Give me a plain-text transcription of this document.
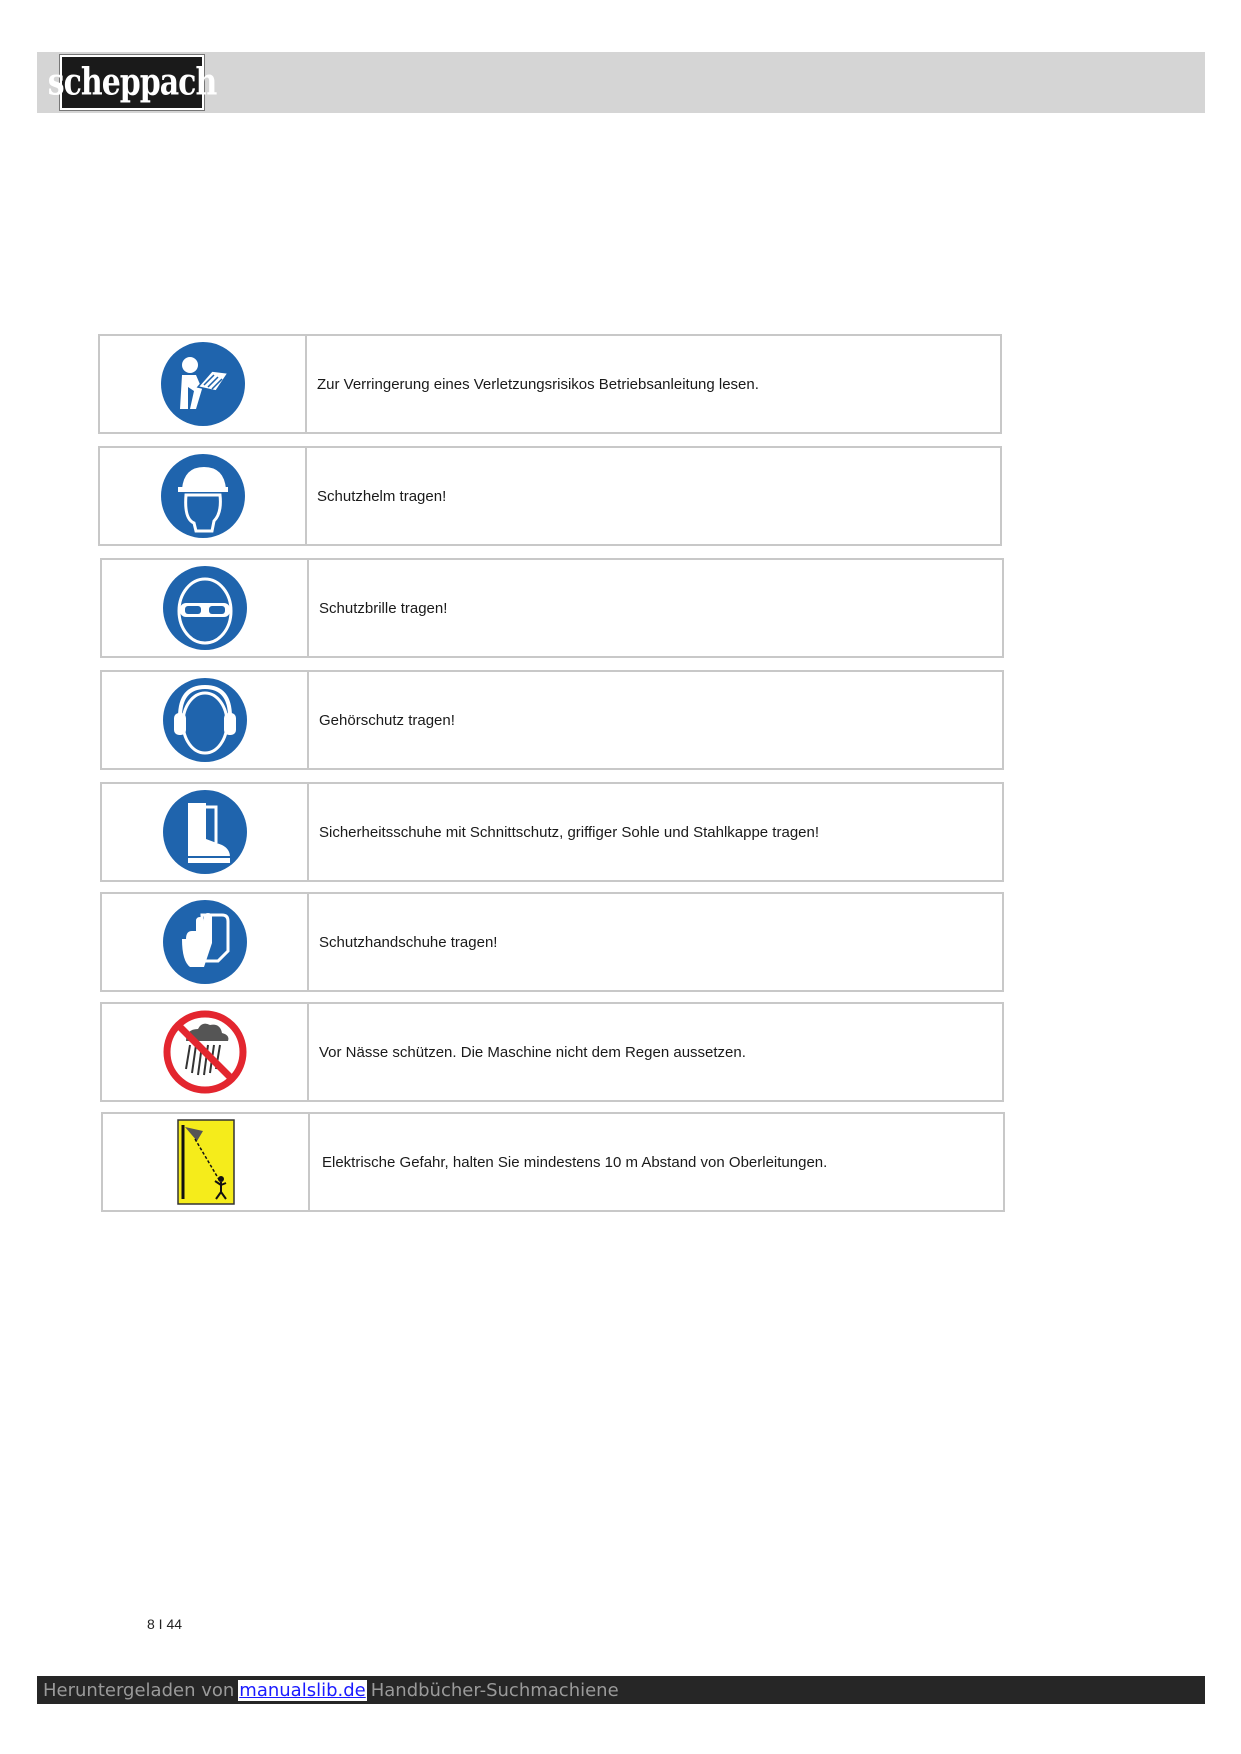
scheppach
Zur Verringerung eines Verletzungsrisikos Betriebsanleitung lesen.
Schutzhelm tragen!
Schutzbrille tragen!
Gehörschutz tragen!
Sicherheitsschuhe mit Schnittschutz, griffiger Sohle und Stahlkappe tragen!
Schutzhandschuhe tragen!
Vor Nässe schützen. Die Maschine nicht dem Regen aussetzen.
Elektrische Gefahr, halten Sie mindestens 10 m Abstand von Oberleitungen.
8 I 44
Heruntergeladen von manualslib.de Handbücher-Suchmachiene
